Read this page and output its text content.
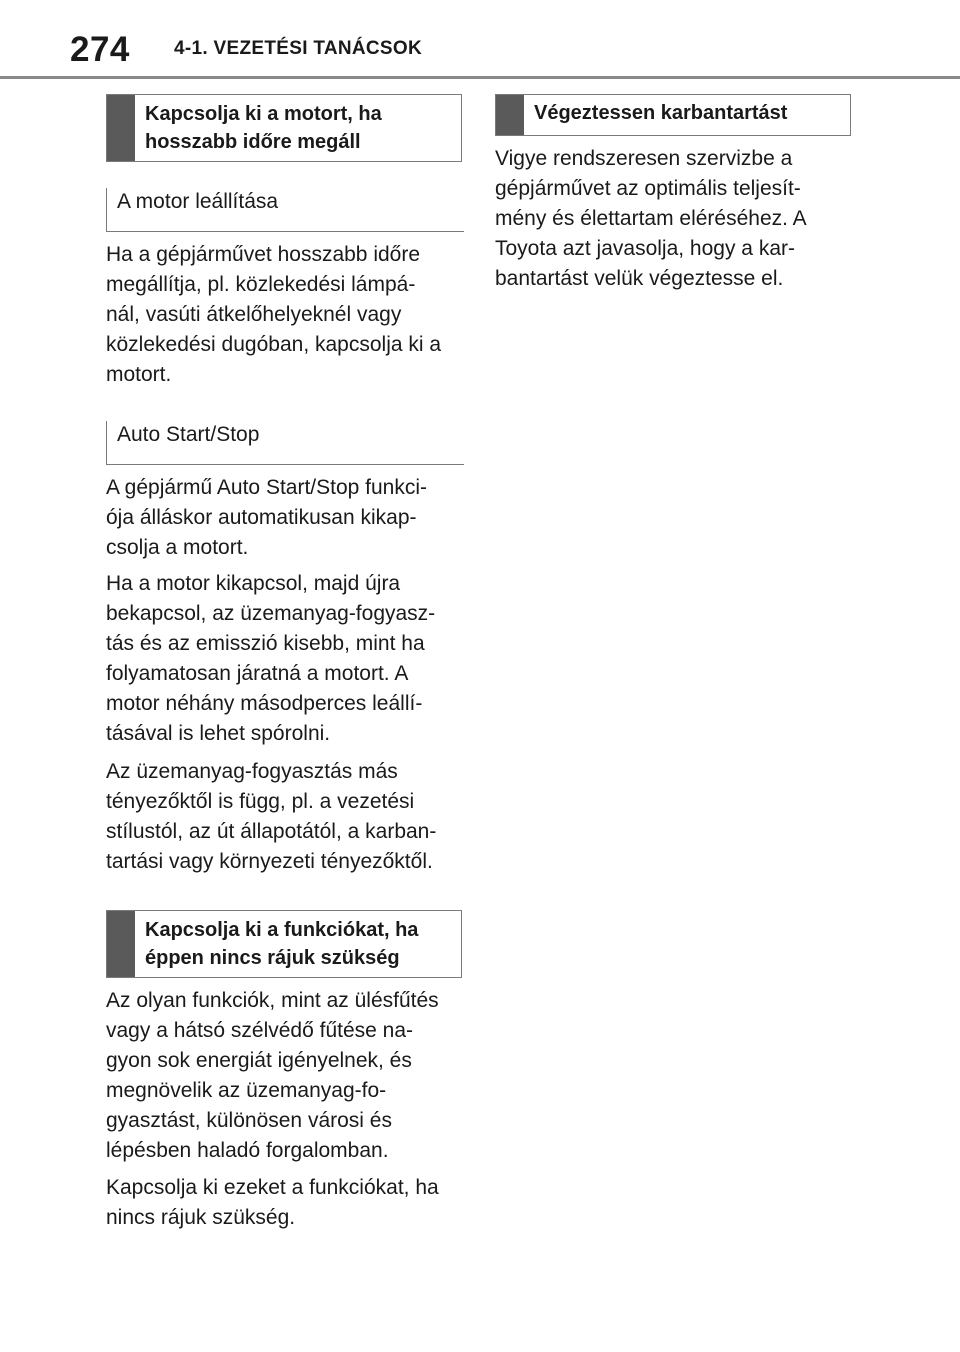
274 4-1. VEZETÉSI TANÁCSOK
Kapcsolja ki a motort, ha hosszabb időre megáll
A motor leállítása

Ha a gépjárművet hosszabb időre megállítja, pl. közlekedési lámpá-
nál, vasúti átkelőhelyeknél vagy közlekedési dugóban, kapcsolja ki a motort.

Auto Start/Stop

A gépjármű Auto Start/Stop funkci-
ója álláskor automatikusan kikap-
csolja a motort.

Ha a motor kikapcsol, majd újra bekapcsol, az üzemanyag-fogyasz-
tás és az emisszió kisebb, mint ha folyamatosan járatná a motort. A motor néhány másodperces leállí-
tásával is lehet spórolni.

Az üzemanyag-fogyasztás más tényezőktől is függ, pl. a vezetési stílustól, az út állapotától, a karban-
tartási vagy környezeti tényezőktől.

Kapcsolja ki a funkciókat, ha éppen nincs rájuk szükség

Az olyan funkciók, mint az ülésfűtés vagy a hátsó szélvédő fűtése na-
gyon sok energiát igényelnek, és megnövelik az üzemanyag-fo-
gyasztást, különösen városi és lépésben haladó forgalomban.

Kapcsolja ki ezeket a funkciókat, ha nincs rájuk szükség.

Végeztessen karbantartást

Vigye rendszeresen szervizbe a gépjárművet az optimális teljesít-
mény és élettartam eléréséhez. A Toyota azt javasolja, hogy a kar-
bantartást velük végeztesse el.
